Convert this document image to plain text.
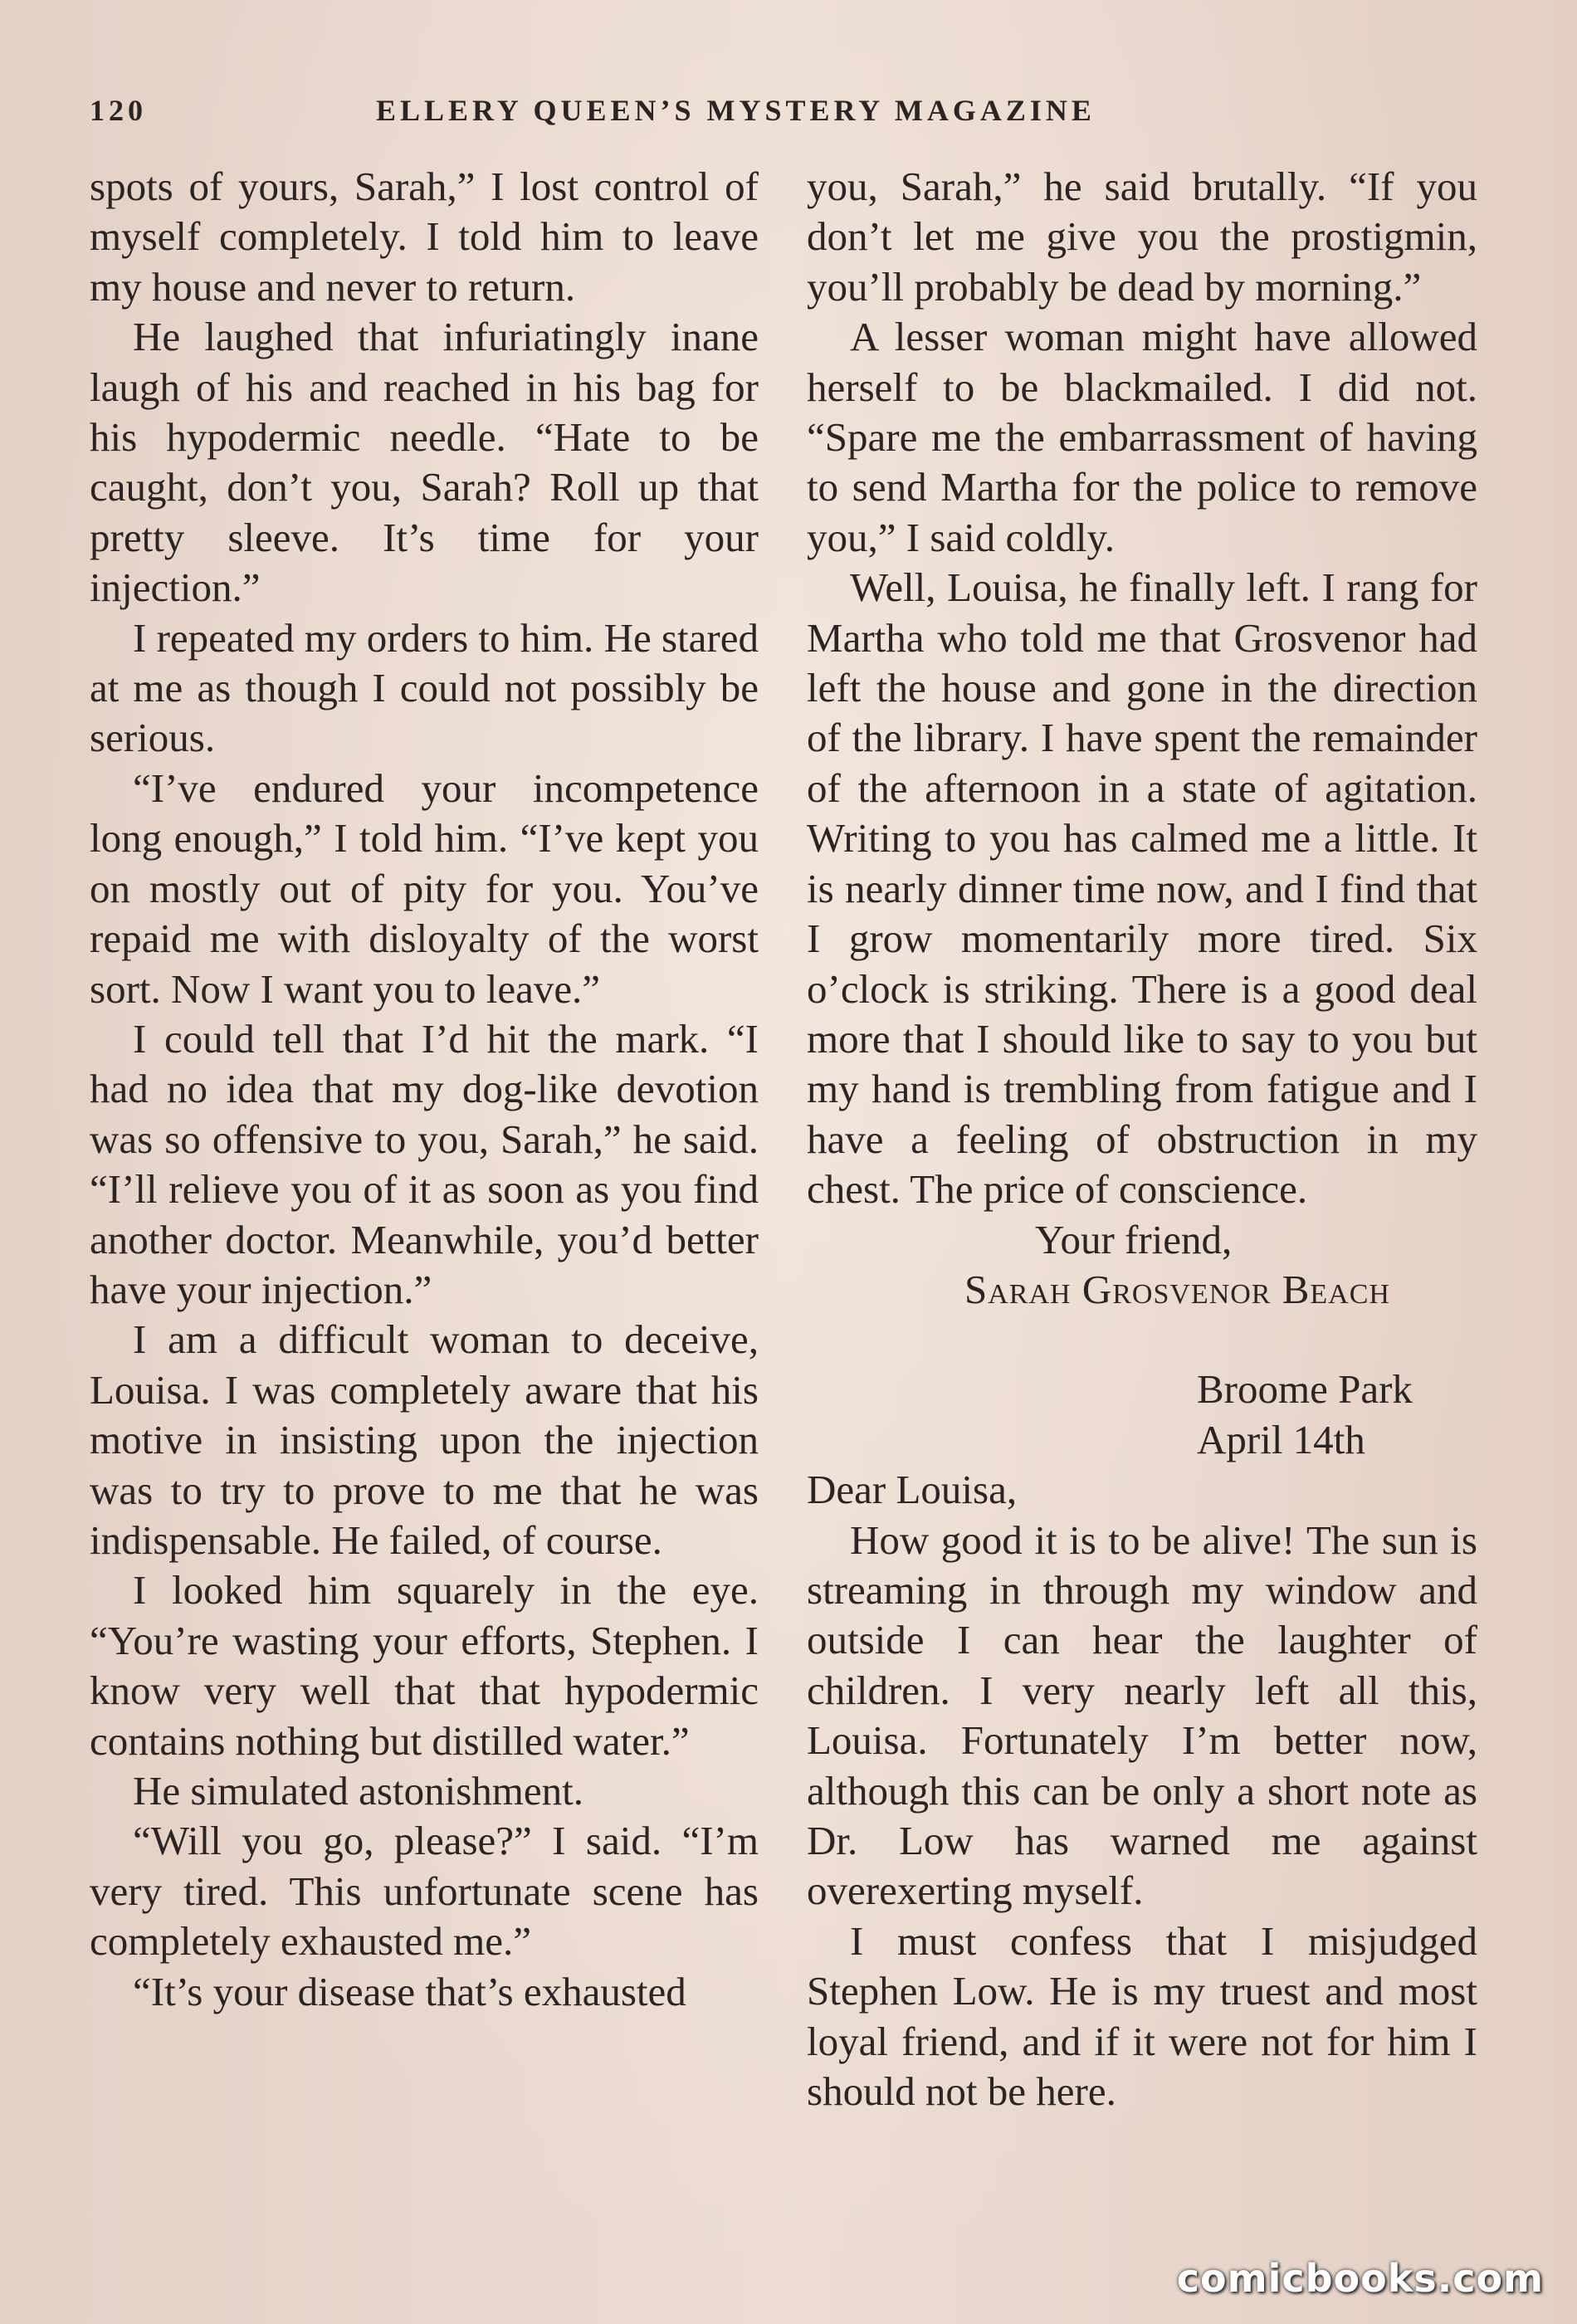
120	ELLERY QUEEN’S MYSTERY MAGAZINE

spots of yours, Sarah,” I lost control of myself completely. I told him to leave my house and never to return.

He laughed that infuriatingly inane laugh of his and reached in his bag for his hypodermic needle. “Hate to be caught, don’t you, Sarah? Roll up that pretty sleeve. It’s time for your injection.”

I repeated my orders to him. He stared at me as though I could not possibly be serious.

“I’ve endured your incompetence long enough,” I told him. “I’ve kept you on mostly out of pity for you. You’ve repaid me with disloyalty of the worst sort. Now I want you to leave.”

I could tell that I’d hit the mark. “I had no idea that my dog-like devotion was so offensive to you, Sarah,” he said. “I’ll relieve you of it as soon as you find another doctor. Meanwhile, you’d better have your injection.”

I am a difficult woman to deceive, Louisa. I was completely aware that his motive in insisting upon the injection was to try to prove to me that he was indispensable. He failed, of course.

I looked him squarely in the eye. “You’re wasting your efforts, Stephen. I know very well that that hypodermic contains nothing but distilled water.”

He simulated astonishment.

“Will you go, please?” I said. “I’m very tired. This unfortunate scene has completely exhausted me.”

“It’s your disease that’s exhausted

you, Sarah,” he said brutally. “If you don’t let me give you the prostigmin, you’ll probably be dead by morning.”

A lesser woman might have allowed herself to be blackmailed. I did not. “Spare me the embarrassment of having to send Martha for the police to remove you,” I said coldly.

Well, Louisa, he finally left. I rang for Martha who told me that Grosvenor had left the house and gone in the direction of the library. I have spent the remainder of the afternoon in a state of agitation. Writing to you has calmed me a little. It is nearly dinner time now, and I find that I grow momentarily more tired. Six o’clock is striking. There is a good deal more that I should like to say to you but my hand is trembling from fatigue and I have a feeling of obstruction in my chest. The price of conscience.

Your friend,

Sarah Grosvenor Beach

Broome Park

April 14th

Dear Louisa,

How good it is to be alive! The sun is streaming in through my window and outside I can hear the laughter of children. I very nearly left all this, Louisa. Fortunately I’m better now, although this can be only a short note as Dr. Low has warned me against overexerting myself.

I must confess that I misjudged Stephen Low. He is my truest and most loyal friend, and if it were not for him I should not be here.

comicbooks.com
